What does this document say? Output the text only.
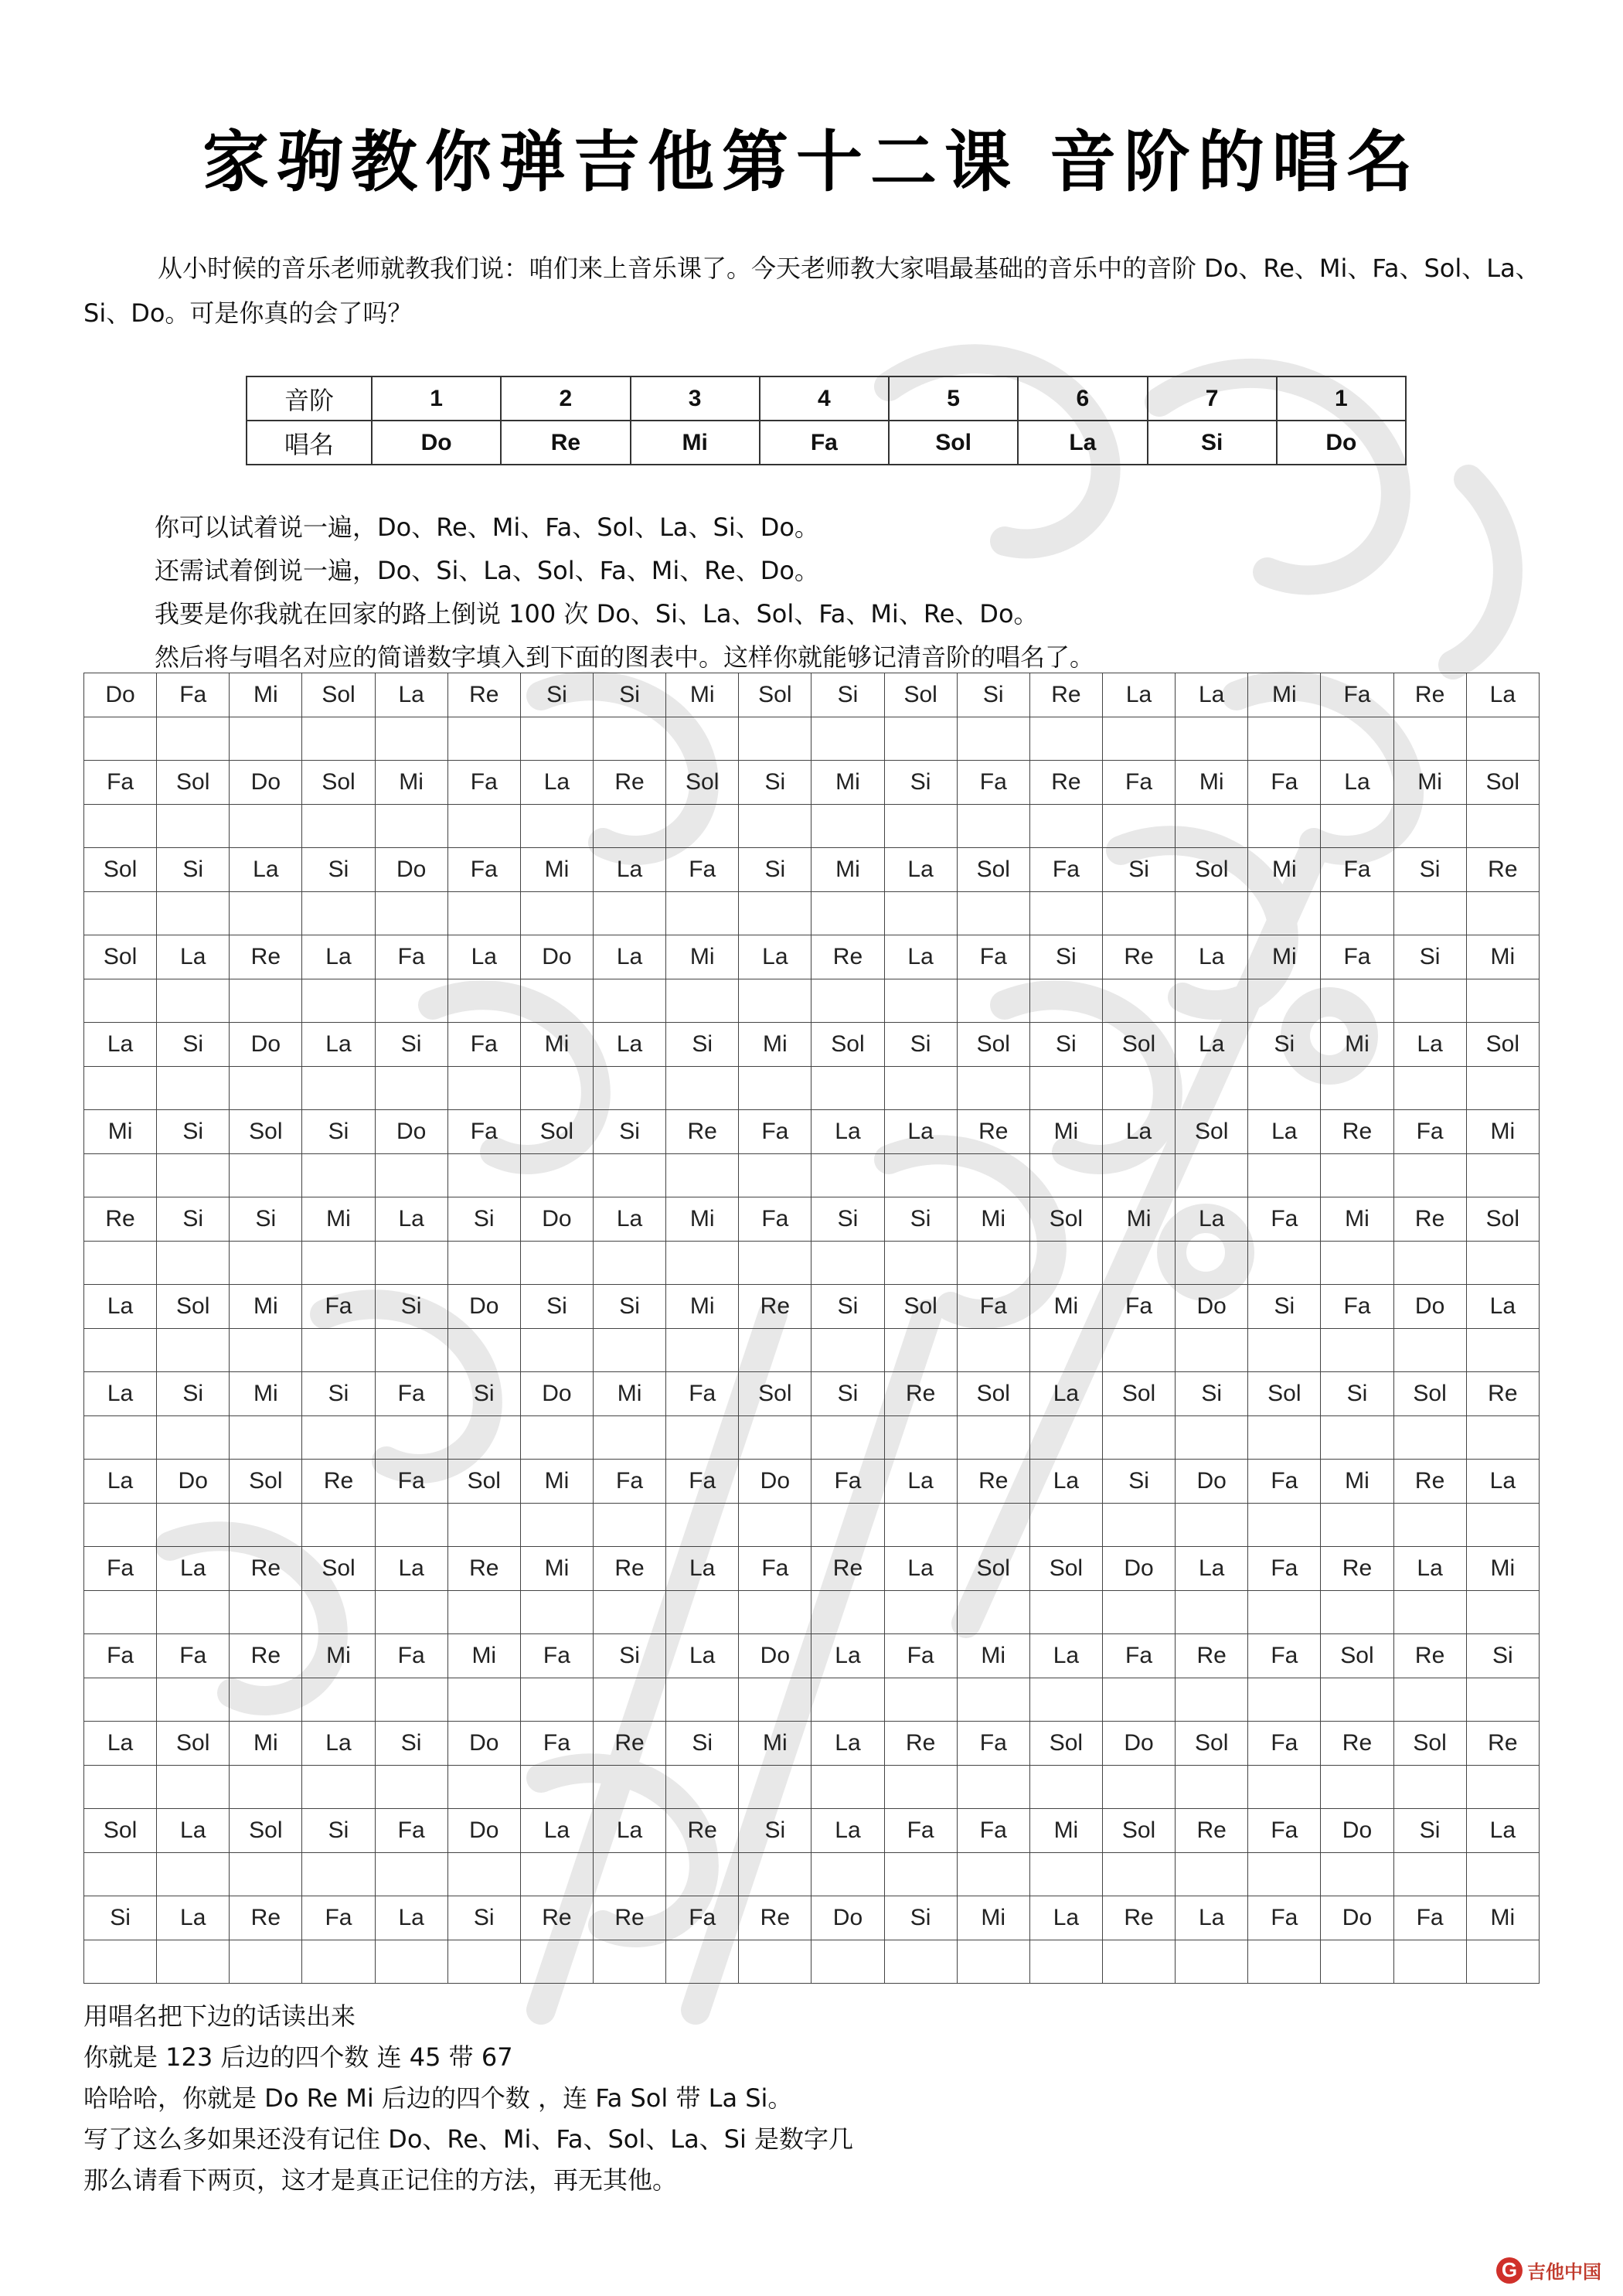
家驹教你弹吉他第十二课 音阶的唱名
从小时候的音乐老师就教我们说：咱们来上音乐课了。今天老师教大家唱最基础的音乐中的音阶 Do、Re、Mi、Fa、Sol、La、Si、Do。可是你真的会了吗？
音阶	1	2	3	4	5	6	7	1
唱名	Do	Re	Mi	Fa	Sol	La	Si	Do
你可以试着说一遍，Do、Re、Mi、Fa、Sol、La、Si、Do。
还需试着倒说一遍，Do、Si、La、Sol、Fa、Mi、Re、Do。
我要是你我就在回家的路上倒说 100 次 Do、Si、La、Sol、Fa、Mi、Re、Do。
然后将与唱名对应的简谱数字填入到下面的图表中。这样你就能够记清音阶的唱名了。
Do	Fa	Mi	Sol	La	Re	Si	Si	Mi	Sol	Si	Sol	Si	Re	La	La	Mi	Fa	Re	La

Fa	Sol	Do	Sol	Mi	Fa	La	Re	Sol	Si	Mi	Si	Fa	Re	Fa	Mi	Fa	La	Mi	Sol

Sol	Si	La	Si	Do	Fa	Mi	La	Fa	Si	Mi	La	Sol	Fa	Si	Sol	Mi	Fa	Si	Re

Sol	La	Re	La	Fa	La	Do	La	Mi	La	Re	La	Fa	Si	Re	La	Mi	Fa	Si	Mi

La	Si	Do	La	Si	Fa	Mi	La	Si	Mi	Sol	Si	Sol	Si	Sol	La	Si	Mi	La	Sol

Mi	Si	Sol	Si	Do	Fa	Sol	Si	Re	Fa	La	La	Re	Mi	La	Sol	La	Re	Fa	Mi

Re	Si	Si	Mi	La	Si	Do	La	Mi	Fa	Si	Si	Mi	Sol	Mi	La	Fa	Mi	Re	Sol

La	Sol	Mi	Fa	Si	Do	Si	Si	Mi	Re	Si	Sol	Fa	Mi	Fa	Do	Si	Fa	Do	La

La	Si	Mi	Si	Fa	Si	Do	Mi	Fa	Sol	Si	Re	Sol	La	Sol	Si	Sol	Si	Sol	Re

La	Do	Sol	Re	Fa	Sol	Mi	Fa	Fa	Do	Fa	La	Re	La	Si	Do	Fa	Mi	Re	La

Fa	La	Re	Sol	La	Re	Mi	Re	La	Fa	Re	La	Sol	Sol	Do	La	Fa	Re	La	Mi

Fa	Fa	Re	Mi	Fa	Mi	Fa	Si	La	Do	La	Fa	Mi	La	Fa	Re	Fa	Sol	Re	Si

La	Sol	Mi	La	Si	Do	Fa	Re	Si	Mi	La	Re	Fa	Sol	Do	Sol	Fa	Re	Sol	Re

Sol	La	Sol	Si	Fa	Do	La	La	Re	Si	La	Fa	Fa	Mi	Sol	Re	Fa	Do	Si	La

Si	La	Re	Fa	La	Si	Re	Re	Fa	Re	Do	Si	Mi	La	Re	La	Fa	Do	Fa	Mi

用唱名把下边的话读出来
你就是 123 后边的四个数 连 45 带 67
哈哈哈，你就是 Do Re Mi 后边的四个数 ，连 Fa Sol 带 La Si。
写了这么多如果还没有记住 Do、Re、Mi、Fa、Sol、La、Si 是数字几
那么请看下两页，这才是真正记住的方法，再无其他。
G 吉他中国
